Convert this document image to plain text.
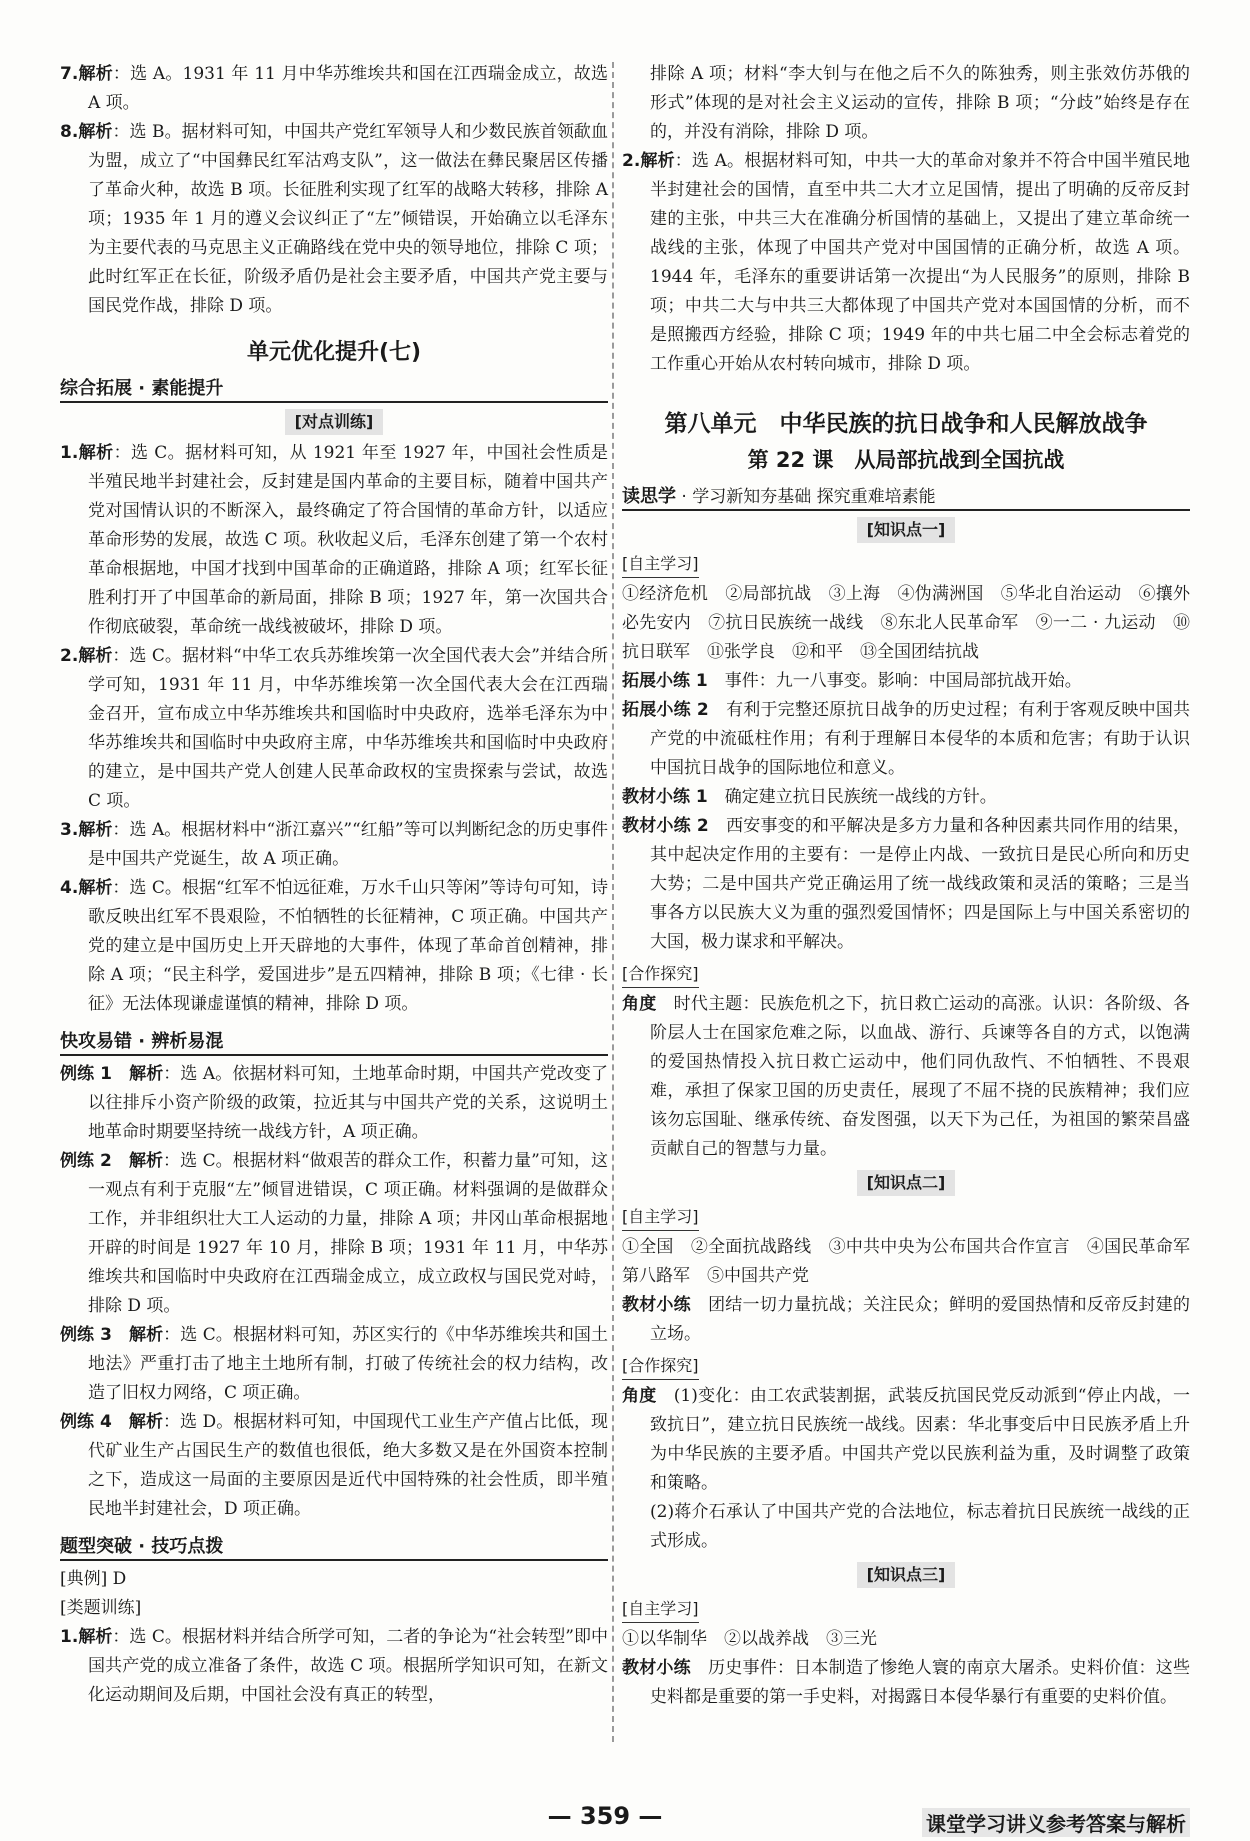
7.解析：选 A。1931 年 11 月中华苏维埃共和国在江西瑞金成立，故选 A 项。

8.解析：选 B。据材料可知，中国共产党红军领导人和少数民族首领歃血为盟，成立了“中国彝民红军沽鸡支队”，这一做法在彝民聚居区传播了革命火种，故选 B 项。长征胜利实现了红军的战略大转移，排除 A 项；1935 年 1 月的遵义会议纠正了“左”倾错误，开始确立以毛泽东为主要代表的马克思主义正确路线在党中央的领导地位，排除 C 项；此时红军正在长征，阶级矛盾仍是社会主要矛盾，中国共产党主要与国民党作战，排除 D 项。

单元优化提升(七)
综合拓展 · 素能提升
[对点训练]

1.解析：选 C。据材料可知，从 1921 年至 1927 年，中国社会性质是半殖民地半封建社会，反封建是国内革命的主要目标，随着中国共产党对国情认识的不断深入，最终确定了符合国情的革命方针，以适应革命形势的发展，故选 C 项。秋收起义后，毛泽东创建了第一个农村革命根据地，中国才找到中国革命的正确道路，排除 A 项；红军长征胜利打开了中国革命的新局面，排除 B 项；1927 年，第一次国共合作彻底破裂，革命统一战线被破坏，排除 D 项。

2.解析：选 C。据材料“中华工农兵苏维埃第一次全国代表大会”并结合所学可知，1931 年 11 月，中华苏维埃第一次全国代表大会在江西瑞金召开，宣布成立中华苏维埃共和国临时中央政府，选举毛泽东为中华苏维埃共和国临时中央政府主席，中华苏维埃共和国临时中央政府的建立，是中国共产党人创建人民革命政权的宝贵探索与尝试，故选 C 项。

3.解析：选 A。根据材料中“浙江嘉兴”“红船”等可以判断纪念的历史事件是中国共产党诞生，故 A 项正确。

4.解析：选 C。根据“红军不怕远征难，万水千山只等闲”等诗句可知，诗歌反映出红军不畏艰险，不怕牺牲的长征精神，C 项正确。中国共产党的建立是中国历史上开天辟地的大事件，体现了革命首创精神，排除 A 项；“民主科学，爱国进步”是五四精神，排除 B 项；《七律 · 长征》无法体现谦虚谨慎的精神，排除 D 项。

快攻易错 · 辨析易混

例练 1　解析：选 A。依据材料可知，土地革命时期，中国共产党改变了以往排斥小资产阶级的政策，拉近其与中国共产党的关系，这说明土地革命时期要坚持统一战线方针，A 项正确。

例练 2　解析：选 C。根据材料“做艰苦的群众工作，积蓄力量”可知，这一观点有利于克服“左”倾冒进错误，C 项正确。材料强调的是做群众工作，并非组织壮大工人运动的力量，排除 A 项；井冈山革命根据地开辟的时间是 1927 年 10 月，排除 B 项；1931 年 11 月，中华苏维埃共和国临时中央政府在江西瑞金成立，成立政权与国民党对峙，排除 D 项。

例练 3　解析：选 C。根据材料可知，苏区实行的《中华苏维埃共和国土地法》严重打击了地主土地所有制，打破了传统社会的权力结构，改造了旧权力网络，C 项正确。

例练 4　解析：选 D。根据材料可知，中国现代工业生产产值占比低，现代矿业生产占国民生产的数值也很低，绝大多数又是在外国资本控制之下，造成这一局面的主要原因是近代中国特殊的社会性质，即半殖民地半封建社会，D 项正确。

题型突破 · 技巧点拨

[典例] D

[类题训练]

1.解析：选 C。根据材料并结合所学可知，二者的争论为“社会转型”即中国共产党的成立准备了条件，故选 C 项。根据所学知识可知，在新文化运动期间及后期，中国社会没有真正的转型，

排除 A 项；材料“李大钊与在他之后不久的陈独秀，则主张效仿苏俄的形式”体现的是对社会主义运动的宣传，排除 B 项；“分歧”始终是存在的，并没有消除，排除 D 项。

2.解析：选 A。根据材料可知，中共一大的革命对象并不符合中国半殖民地半封建社会的国情，直至中共二大才立足国情，提出了明确的反帝反封建的主张，中共三大在准确分析国情的基础上，又提出了建立革命统一战线的主张，体现了中国共产党对中国国情的正确分析，故选 A 项。1944 年，毛泽东的重要讲话第一次提出“为人民服务”的原则，排除 B 项；中共二大与中共三大都体现了中国共产党对本国国情的分析，而不是照搬西方经验，排除 C 项；1949 年的中共七届二中全会标志着党的工作重心开始从农村转向城市，排除 D 项。

第八单元　中华民族的抗日战争和人民解放战争
第 22 课　从局部抗战到全国抗战
读思学 · 学习新知夯基础 探究重难培素能
[知识点一]
[自主学习]

①经济危机　②局部抗战　③上海　④伪满洲国　⑤华北自治运动　⑥攘外必先安内　⑦抗日民族统一战线　⑧东北人民革命军　⑨一二 · 九运动　⑩抗日联军　⑪张学良　⑫和平　⑬全国团结抗战

拓展小练 1　事件：九一八事变。影响：中国局部抗战开始。

拓展小练 2　有利于完整还原抗日战争的历史过程；有利于客观反映中国共产党的中流砥柱作用；有利于理解日本侵华的本质和危害；有助于认识中国抗日战争的国际地位和意义。

教材小练 1　确定建立抗日民族统一战线的方针。

教材小练 2　西安事变的和平解决是多方力量和各种因素共同作用的结果，其中起决定作用的主要有：一是停止内战、一致抗日是民心所向和历史大势；二是中国共产党正确运用了统一战线政策和灵活的策略；三是当事各方以民族大义为重的强烈爱国情怀；四是国际上与中国关系密切的大国，极力谋求和平解决。

[合作探究]

角度　时代主题：民族危机之下，抗日救亡运动的高涨。认识：各阶级、各阶层人士在国家危难之际，以血战、游行、兵谏等各自的方式，以饱满的爱国热情投入抗日救亡运动中，他们同仇敌忾、不怕牺牲、不畏艰难，承担了保家卫国的历史责任，展现了不屈不挠的民族精神；我们应该勿忘国耻、继承传统、奋发图强，以天下为己任，为祖国的繁荣昌盛贡献自己的智慧与力量。

[知识点二]
[自主学习]

①全国　②全面抗战路线　③中共中央为公布国共合作宣言　④国民革命军第八路军　⑤中国共产党

教材小练　团结一切力量抗战；关注民众；鲜明的爱国热情和反帝反封建的立场。

[合作探究]

角度　(1)变化：由工农武装割据，武装反抗国民党反动派到“停止内战，一致抗日”，建立抗日民族统一战线。因素：华北事变后中日民族矛盾上升为中华民族的主要矛盾。中国共产党以民族利益为重，及时调整了政策和策略。

(2)蒋介石承认了中国共产党的合法地位，标志着抗日民族统一战线的正式形成。

[知识点三]
[自主学习]

①以华制华　②以战养战　③三光

教材小练　历史事件：日本制造了惨绝人寰的南京大屠杀。史料价值：这些史料都是重要的第一手史料，对揭露日本侵华暴行有重要的史料价值。

— 359 —	课堂学习讲义参考答案与解析
